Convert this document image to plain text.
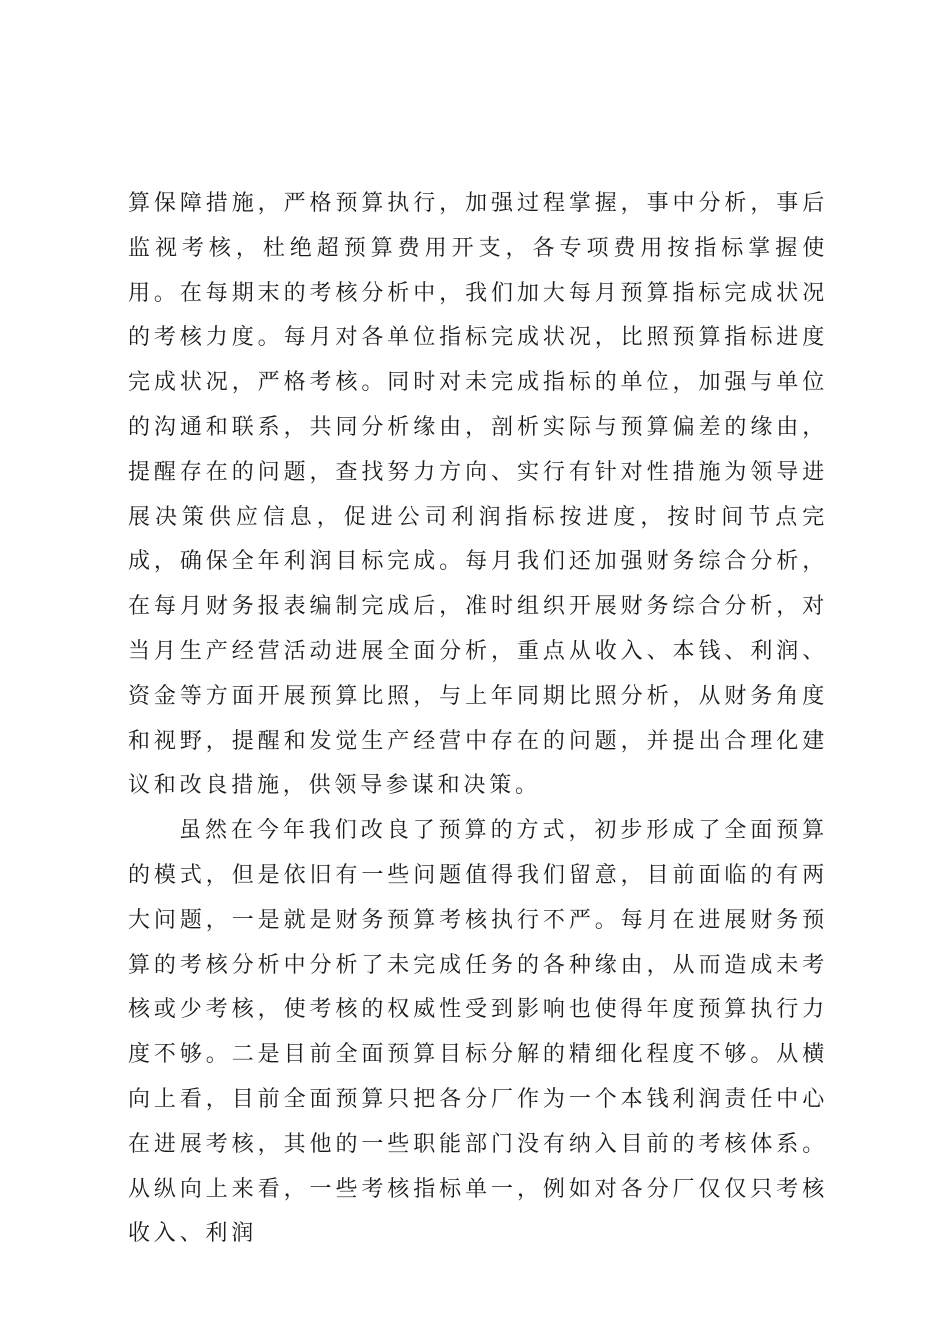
算保障措施，严格预算执行，加强过程掌握，事中分析，事后监视考核，杜绝超预算费用开支，各专项费用按指标掌握使用。在每期末的考核分析中，我们加大每月预算指标完成状况的考核力度。每月对各单位指标完成状况，比照预算指标进度完成状况，严格考核。同时对未完成指标的单位，加强与单位的沟通和联系，共同分析缘由，剖析实际与预算偏差的缘由，提醒存在的问题，查找努力方向、实行有针对性措施为领导进展决策供应信息，促进公司利润指标按进度，按时间节点完成，确保全年利润目标完成。每月我们还加强财务综合分析，在每月财务报表编制完成后，准时组织开展财务综合分析，对当月生产经营活动进展全面分析，重点从收入、本钱、利润、资金等方面开展预算比照，与上年同期比照分析，从财务角度和视野，提醒和发觉生产经营中存在的问题，并提出合理化建议和改良措施，供领导参谋和决策。

虽然在今年我们改良了预算的方式，初步形成了全面预算的模式，但是依旧有一些问题值得我们留意，目前面临的有两大问题，一是就是财务预算考核执行不严。每月在进展财务预算的考核分析中分析了未完成任务的各种缘由，从而造成未考核或少考核，使考核的权威性受到影响也使得年度预算执行力度不够。二是目前全面预算目标分解的精细化程度不够。从横向上看，目前全面预算只把各分厂作为一个本钱利润责任中心在进展考核，其他的一些职能部门没有纳入目前的考核体系。从纵向上来看，一些考核指标单一，例如对各分厂仅仅只考核收入、利润
